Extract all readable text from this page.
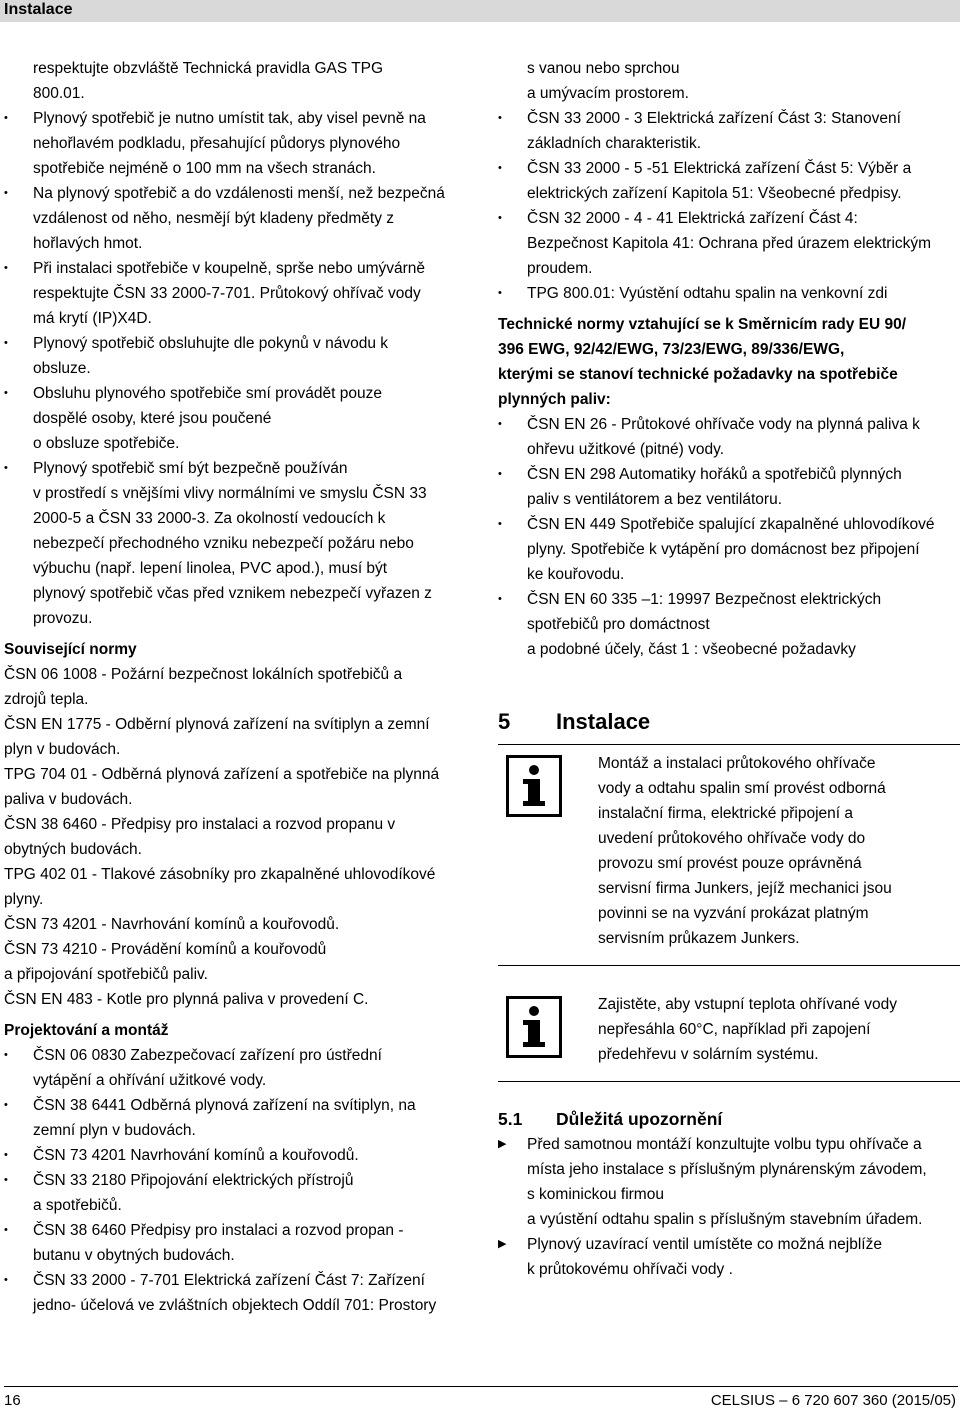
Instalace
respektujte obzvláště Technická pravidla GAS TPG
800.01.
• Plynový spotřebič je nutno umístit tak, aby visel pevně na
nehořlavém podkladu, přesahující půdorys plynového
spotřebiče nejméně o 100 mm na všech stranách.
• Na plynový spotřebič a do vzdálenosti menší, než bezpečná
vzdálenost od něho, nesmějí být kladeny předměty z
hořlavých hmot.
• Při instalaci spotřebiče v koupelně, sprše nebo umývárně
respektujte ČSN 33 2000-7-701. Průtokový ohřívač vody
má krytí (IP)X4D.
• Plynový spotřebič obsluhujte dle pokynů v návodu k
obsluze.
• Obsluhu plynového spotřebiče smí provádět pouze
dospělé osoby, které jsou poučené
o obsluze spotřebiče.
• Plynový spotřebič smí být bezpečně používán
v prostředí s vnějšími vlivy normálními ve smyslu ČSN 33
2000-5 a ČSN 33 2000-3. Za okolností vedoucích k
nebezpečí přechodného vzniku nebezpečí požáru nebo
výbuchu (např. lepení linolea, PVC apod.), musí být
plynový spotřebič včas před vznikem nebezpečí vyřazen z
provozu.
Související normy
ČSN 06 1008 - Požární bezpečnost lokálních spotřebičů a
zdrojů tepla.
ČSN EN 1775 - Odběrní plynová zařízení na svítiplyn a zemní
plyn v budovách.
TPG 704 01 - Odběrná plynová zařízení a spotřebiče na plynná
paliva v budovách.
ČSN 38 6460 - Předpisy pro instalaci a rozvod propanu v
obytných budovách.
TPG 402 01 - Tlakové zásobníky pro zkapalněné uhlovodíkové
plyny.
ČSN 73 4201 - Navrhování komínů a kouřovodů.
ČSN 73 4210 - Provádění komínů a kouřovodů
a připojování spotřebičů paliv.
ČSN EN 483 - Kotle pro plynná paliva v provedení C.
Projektování a montáž
• ČSN 06 0830 Zabezpečovací zařízení pro ústřední
vytápění a ohřívání užitkové vody.
• ČSN 38 6441 Odběrná plynová zařízení na svítiplyn, na
zemní plyn v budovách.
• ČSN 73 4201 Navrhování komínů a kouřovodů.
• ČSN 33 2180 Připojování elektrických přístrojů
a spotřebičů.
• ČSN 38 6460 Předpisy pro instalaci a rozvod propan -
butanu v obytných budovách.
• ČSN 33 2000 - 7-701 Elektrická zařízení Část 7: Zařízení
jedno- účelová ve zvláštních objektech Oddíl 701: Prostory
s vanou nebo sprchou
a umývacím prostorem.
• ČSN 33 2000 - 3 Elektrická zařízení Část 3: Stanovení
základních charakteristik.
• ČSN 33 2000 - 5 -51 Elektrická zařízení Část 5: Výběr a
elektrických zařízení Kapitola 51: Všeobecné předpisy.
• ČSN 32 2000 - 4 - 41 Elektrická zařízení Část 4:
Bezpečnost Kapitola 41: Ochrana před úrazem elektrickým
proudem.
• TPG 800.01: Vyústění odtahu spalin na venkovní zdi
Technické normy vztahující se k Směrnicím rady EU 90/
396 EWG, 92/42/EWG, 73/23/EWG, 89/336/EWG,
kterými se stanoví technické požadavky na spotřebiče
plynných paliv:
• ČSN EN 26 - Průtokové ohřívače vody na plynná paliva k
ohřevu užitkové (pitné) vody.
• ČSN EN 298 Automatiky hořáků a spotřebičů plynných
paliv s ventilátorem a bez ventilátoru.
• ČSN EN 449 Spotřebiče spalující zkapalněné uhlovodíkové
plyny. Spotřebiče k vytápění pro domácnost bez připojení
ke kouřovodu.
• ČSN EN 60 335 –1: 19997 Bezpečnost elektrických
spotřebičů pro domáctnost
a podobné účely, část 1 : všeobecné požadavky
5	Instalace
Montáž a instalaci průtokového ohřívače
vody a odtahu spalin smí provést odborná
instalační firma, elektrické připojení a
uvedení průtokového ohřívače vody do
provozu smí provést pouze oprávněná
servisní firma Junkers, jejíž mechanici jsou
povinni se na vyzvání prokázat platným
servisním průkazem Junkers.
Zajistěte, aby vstupní teplota ohřívané vody
nepřesáhla 60°C, například při zapojení
předehřevu v solárním systému.
5.1	Důležitá upozornění
▶ Před samotnou montáží konzultujte volbu typu ohřívače a
místa jeho instalace s příslušným plynárenským závodem,
s kominickou firmou
a vyústění odtahu spalin s příslušným stavebním úřadem.
▶ Plynový uzavírací ventil umístěte co možná nejblíže
k průtokovému ohřívači vody .
16	CELSIUS – 6 720 607 360 (2015/05)
